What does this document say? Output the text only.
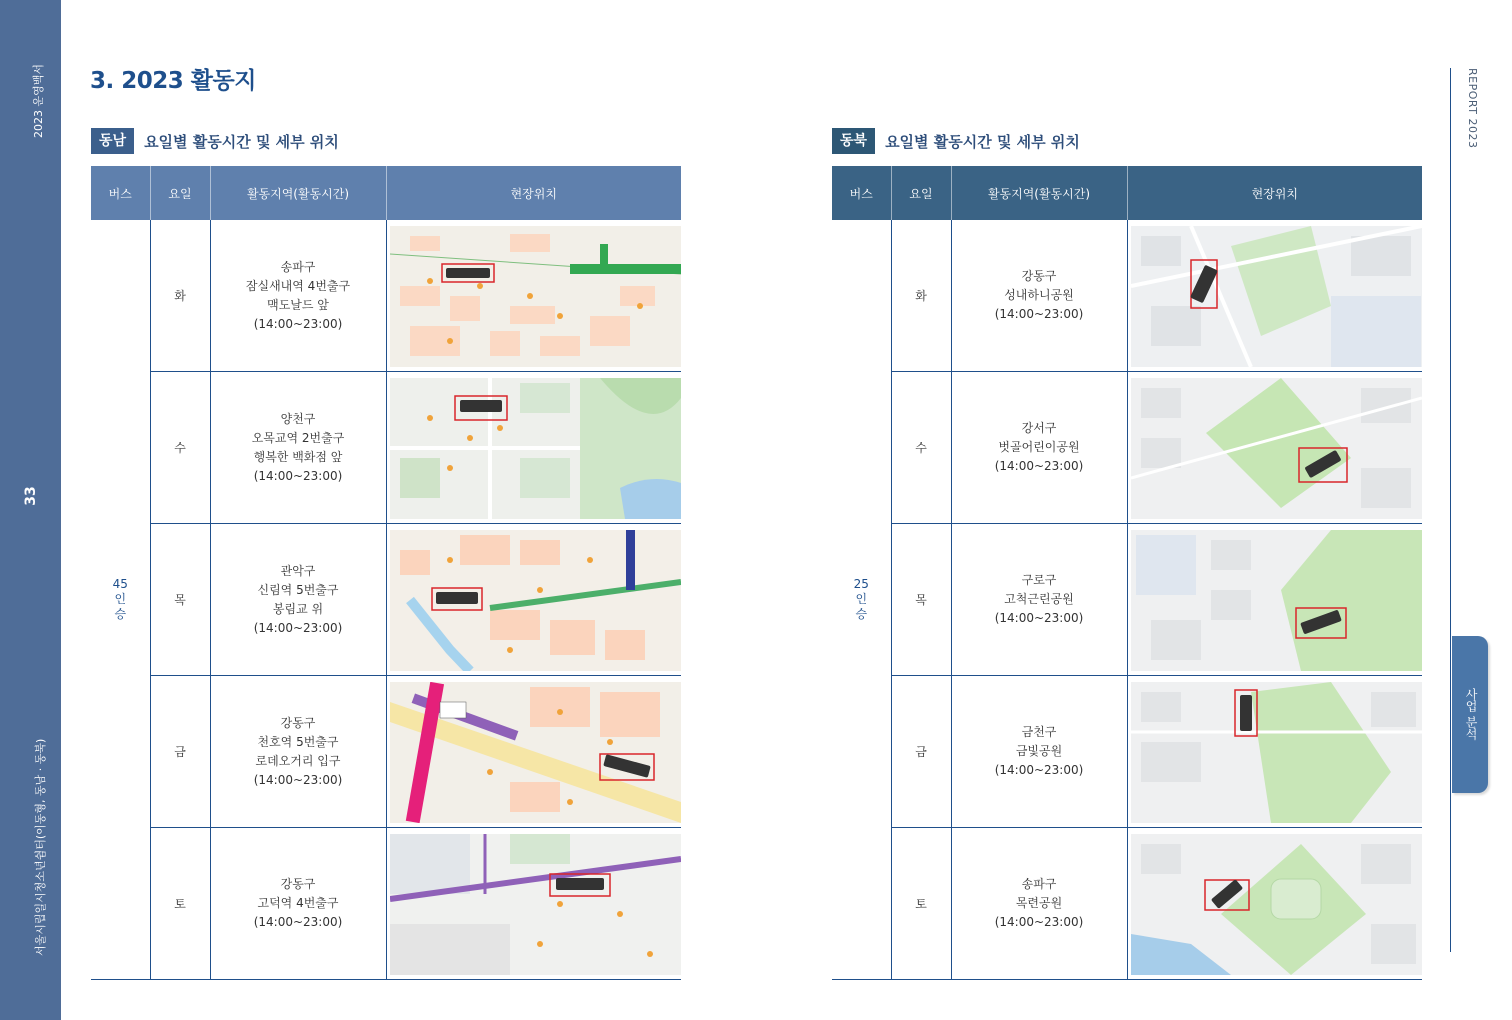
2023 운영백서
33
서울시립일시청소년쉼터(이동형, 동남 · 동북)
3. 2023 활동지
동남	요일별 활동시간 및 세부 위치	동북	요일별 활동시간 및 세부 위치
버스	요일	활동지역(활동시간)	현장위치

45
인
승	화	송파구
잠실새내역 4번출구
맥도날드 앞
(14:00~23:00)

	수	양천구
오목교역 2번출구
행복한 백화점 앞
(14:00~23:00)

	목	관악구
신림역 5번출구
봉림교 위
(14:00~23:00)

	금	강동구
천호역 5번출구
로데오거리 입구
(14:00~23:00)

	토	강동구
고덕역 4번출구
(14:00~23:00)

버스	요일	활동지역(활동시간)	현장위치

25
인
승	화	강동구
성내하니공원
(14:00~23:00)

	수	강서구
벗골어린이공원
(14:00~23:00)

	목	구로구
고척근린공원
(14:00~23:00)

	금	금천구
금빛공원
(14:00~23:00)

	토	송파구
목련공원
(14:00~23:00)

REPORT 2023
사업 분석
